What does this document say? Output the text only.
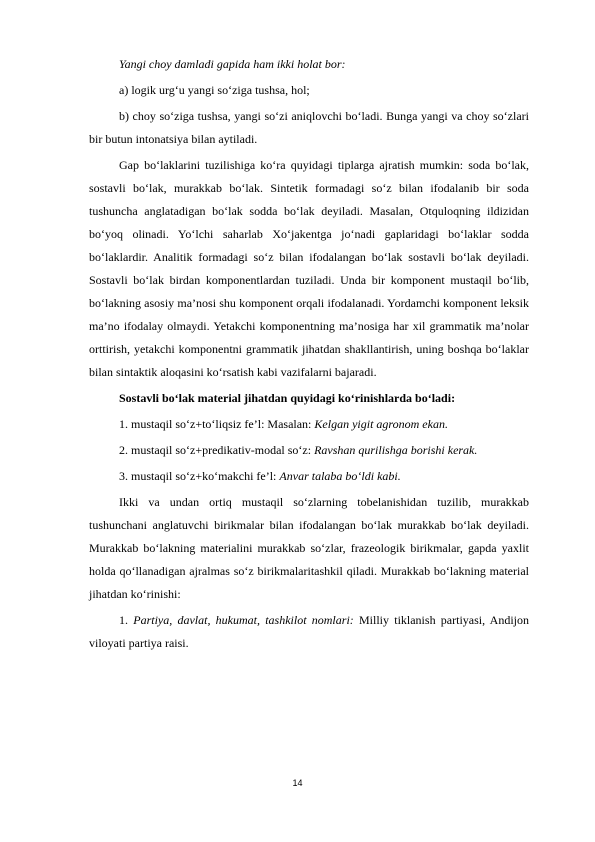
Yangi choy damladi gapida ham ikki holat bor:

a) logik urg‘u yangi so‘ziga tushsa, hol;

b) choy so‘ziga tushsa, yangi so‘zi aniqlovchi bo‘ladi. Bunga yangi va choy so‘zlari bir butun intonatsiya bilan aytiladi.

Gap bo‘laklarini tuzilishiga ko‘ra quyidagi tiplarga ajratish mumkin: soda bo‘lak, sostavli bo‘lak, murakkab bo‘lak. Sintetik formadagi so‘z bilan ifodalanib bir soda tushuncha anglatadigan bo‘lak sodda bo‘lak deyiladi. Masalan, Otquloqning ildizidan bo‘yoq olinadi. Yo‘lchi saharlab Xo‘jakentga jo‘nadi gaplaridagi bo‘laklar sodda bo‘laklardir. Analitik formadagi so‘z bilan ifodalangan bo‘lak sostavli bo‘lak deyiladi. Sostavli bo‘lak birdan komponentlardan tuziladi. Unda bir komponent mustaqil bo‘lib, bo‘lakning asosiy ma’nosi shu komponent orqali ifodalanadi. Yordamchi komponent leksik ma’no ifodalay olmaydi. Yetakchi komponentning ma’nosiga har xil grammatik ma’nolar orttirish, yetakchi komponentni grammatik jihatdan shakllantirish, uning boshqa bo‘laklar bilan sintaktik aloqasini ko‘rsatish kabi vazifalarni bajaradi.

Sostavli bo‘lak material jihatdan quyidagi ko‘rinishlarda bo‘ladi:

1. mustaqil so‘z+to‘liqsiz fe’l: Masalan: Kelgan yigit agronom ekan.

2. mustaqil so‘z+predikativ-modal so‘z: Ravshan qurilishga borishi kerak.

3. mustaqil so‘z+ko‘makchi fe’l: Anvar talaba bo‘ldi kabi.

Ikki va undan ortiq mustaqil so‘zlarning tobelanishidan tuzilib, murakkab tushunchani anglatuvchi birikmalar bilan ifodalangan bo‘lak murakkab bo‘lak deyiladi. Murakkab bo‘lakning materialini murakkab so‘zlar, frazeologik birikmalar, gapda yaxlit holda qo‘llanadigan ajralmas so‘z birikmalaritashkil qiladi. Murakkab bo‘lakning material jihatdan ko‘rinishi:

1. Partiya, davlat, hukumat, tashkilot nomlari: Milliy tiklanish partiyasi, Andijon viloyati partiya raisi.

14
